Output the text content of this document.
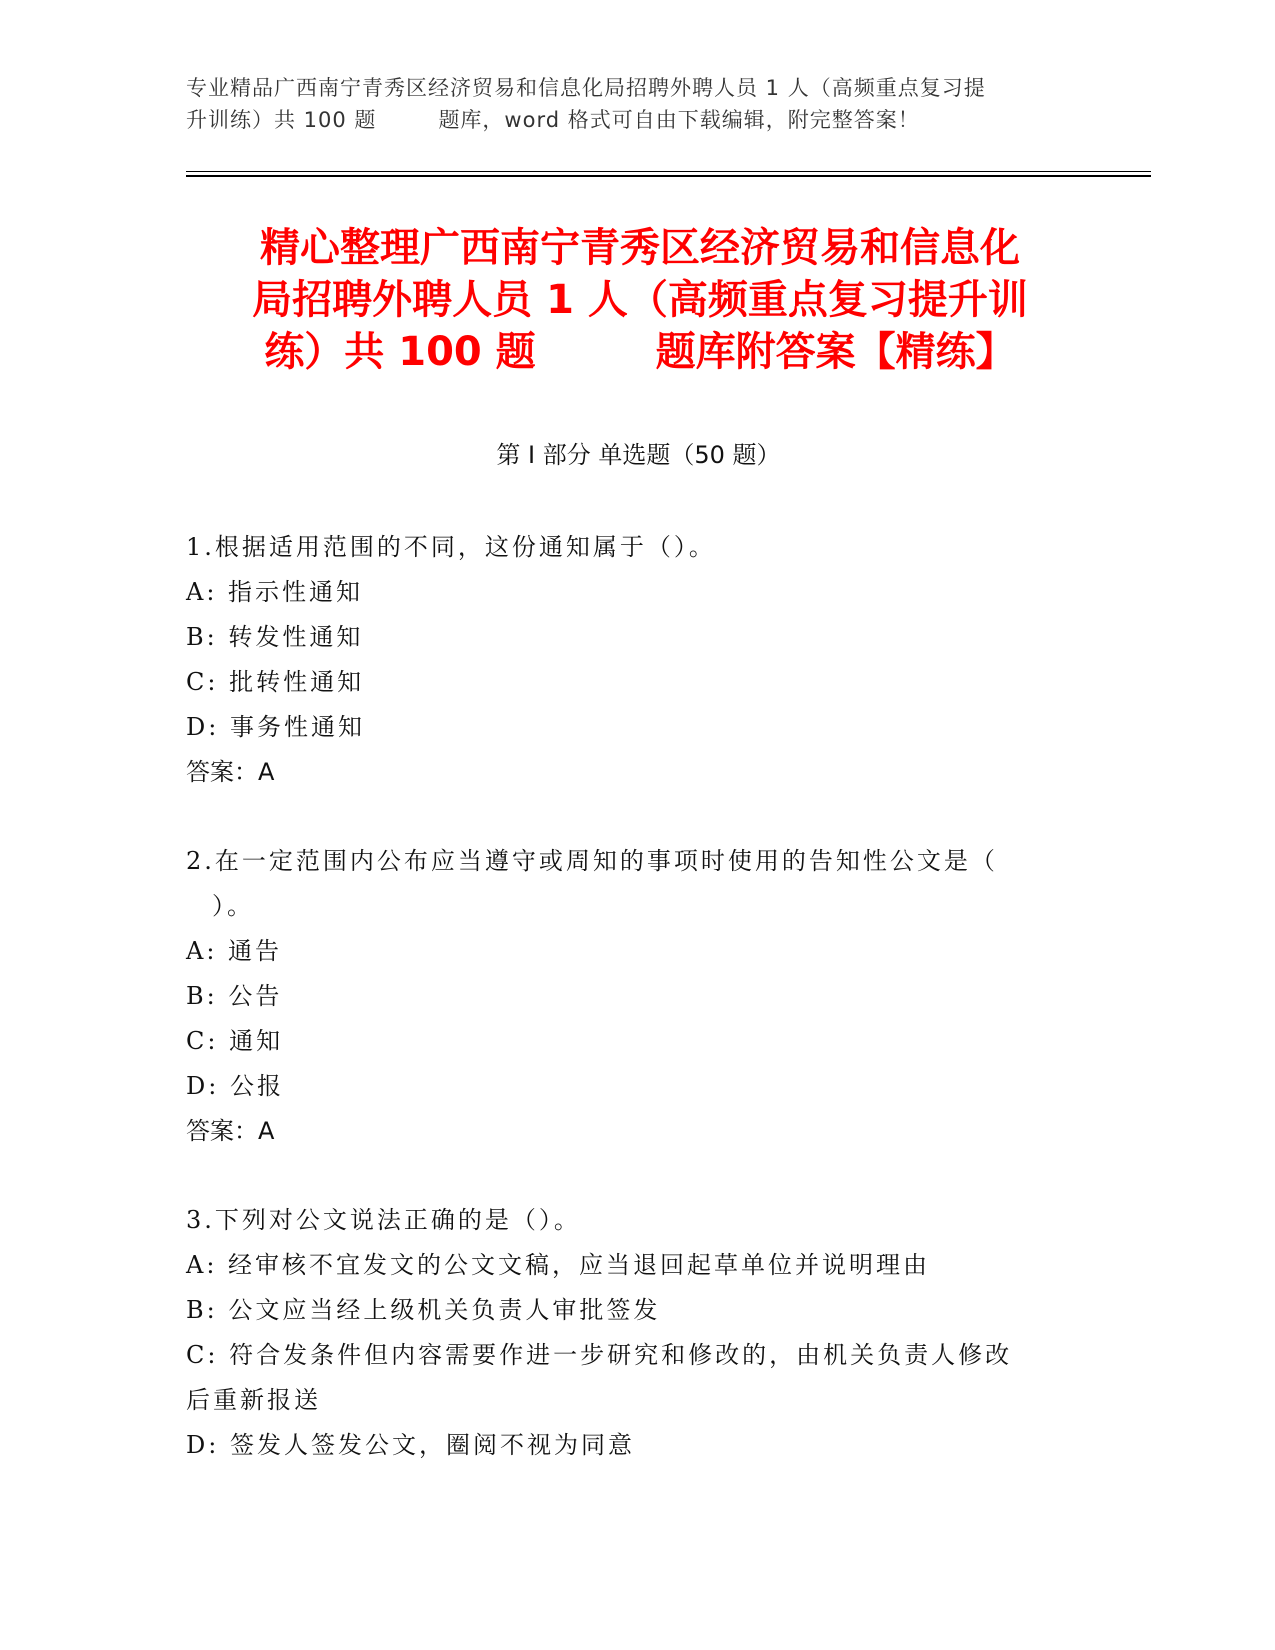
专业精品广西南宁青秀区经济贸易和信息化局招聘外聘人员 1 人（高频重点复习提
升训练）共 100 题	题库，word 格式可自由下载编辑，附完整答案！
精心整理广西南宁青秀区经济贸易和信息化
局招聘外聘人员 1 人（高频重点复习提升训
练）共 100 题	题库附答案【精练】
第 I 部分 单选题（50 题）
1.根据适用范围的不同，这份通知属于（）。
A: 指示性通知
B: 转发性通知
C: 批转性通知
D: 事务性通知
答案：A
2.在一定范围内公布应当遵守或周知的事项时使用的告知性公文是（
）。
A: 通告
B: 公告
C: 通知
D: 公报
答案：A
3.下列对公文说法正确的是（）。
A: 经审核不宜发文的公文文稿，应当退回起草单位并说明理由
B: 公文应当经上级机关负责人审批签发
C: 符合发条件但内容需要作进一步研究和修改的，由机关负责人修改
后重新报送
D: 签发人签发公文，圈阅不视为同意
